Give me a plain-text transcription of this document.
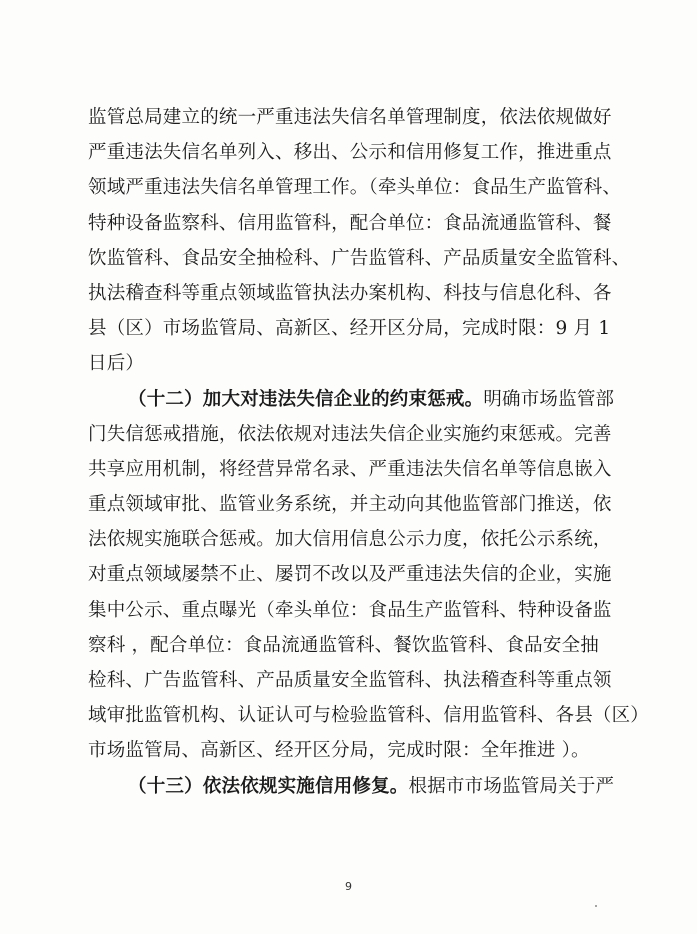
监管总局建立的统一严重违法失信名单管理制度，依法依规做好
严重违法失信名单列入、移出、公示和信用修复工作，推进重点
领域严重违法失信名单管理工作。（牵头单位：食品生产监管科、
特种设备监察科、信用监管科，配合单位：食品流通监管科、餐
饮监管科、食品安全抽检科、广告监管科、产品质量安全监管科、
执法稽查科等重点领域监管执法办案机构、科技与信息化科、各
县（区）市场监管局、高新区、经开区分局，完成时限：9 月 1
日后）
（十二）加大对违法失信企业的约束惩戒。明确市场监管部
门失信惩戒措施，依法依规对违法失信企业实施约束惩戒。完善
共享应用机制，将经营异常名录、严重违法失信名单等信息嵌入
重点领域审批、监管业务系统，并主动向其他监管部门推送，依
法依规实施联合惩戒。加大信用信息公示力度，依托公示系统，
对重点领域屡禁不止、屡罚不改以及严重违法失信的企业，实施
集中公示、重点曝光（牵头单位：食品生产监管科、特种设备监
察科 ，配合单位：食品流通监管科、餐饮监管科、食品安全抽
检科、广告监管科、产品质量安全监管科、执法稽查科等重点领
域审批监管机构、认证认可与检验监管科、信用监管科、各县（区）
市场监管局、高新区、经开区分局，完成时限：全年推进 ）。
（十三）依法依规实施信用修复。根据市市场监管局关于严
9
